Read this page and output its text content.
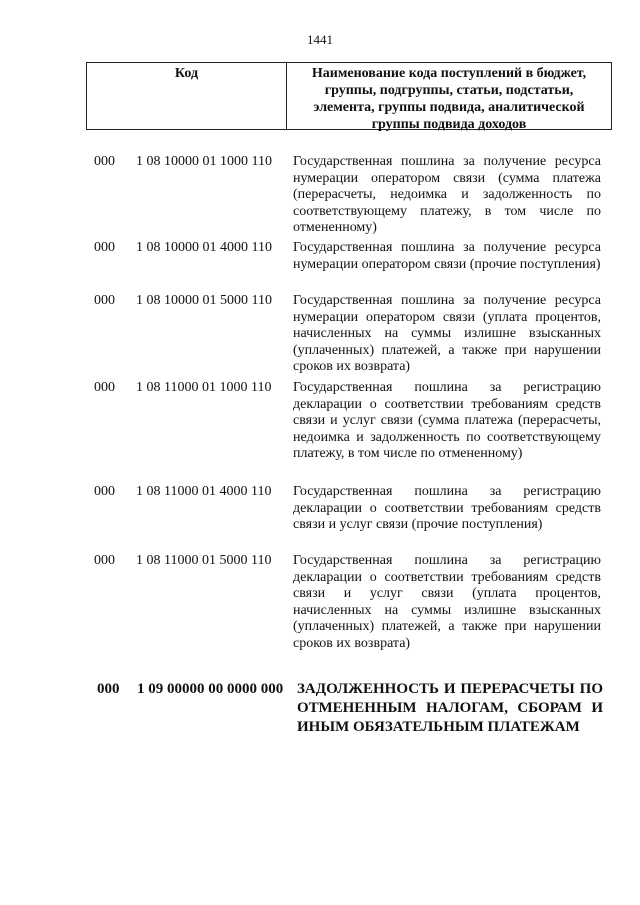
1441
Код	Наименование кода поступлений в бюджет, группы, подгруппы, статьи, подстатьи, элемента, группы подвида, аналитической группы подвида доходов
000 1 08 10000 01 1000 110 Государственная пошлина за получение ресурса нумерации оператором связи (сумма платежа (перерасчеты, недоимка и задолженность по соответствующему платежу, в том числе по отмененному)
000 1 08 10000 01 4000 110 Государственная пошлина за получение ресурса нумерации оператором связи (прочие поступления)
000 1 08 10000 01 5000 110 Государственная пошлина за получение ресурса нумерации оператором связи (уплата процентов, начисленных на суммы излишне взысканных (уплаченных) платежей, а также при нарушении сроков их возврата)
000 1 08 11000 01 1000 110 Государственная пошлина за регистрацию декларации о соответствии требованиям средств связи и услуг связи (сумма платежа (перерасчеты, недоимка и задолженность по соответствующему платежу, в том числе по отмененному)
000 1 08 11000 01 4000 110 Государственная пошлина за регистрацию декларации о соответствии требованиям средств связи и услуг связи (прочие поступления)
000 1 08 11000 01 5000 110 Государственная пошлина за регистрацию декларации о соответствии требованиям средств связи и услуг связи (уплата процентов, начисленных на суммы излишне взысканных (уплаченных) платежей, а также при нарушении сроков их возврата)
000 1 09 00000 00 0000 000 ЗАДОЛЖЕННОСТЬ И ПЕРЕРАСЧЕТЫ ПО ОТМЕНЕННЫМ НАЛОГАМ, СБОРАМ И ИНЫМ ОБЯЗАТЕЛЬНЫМ ПЛАТЕЖАМ
